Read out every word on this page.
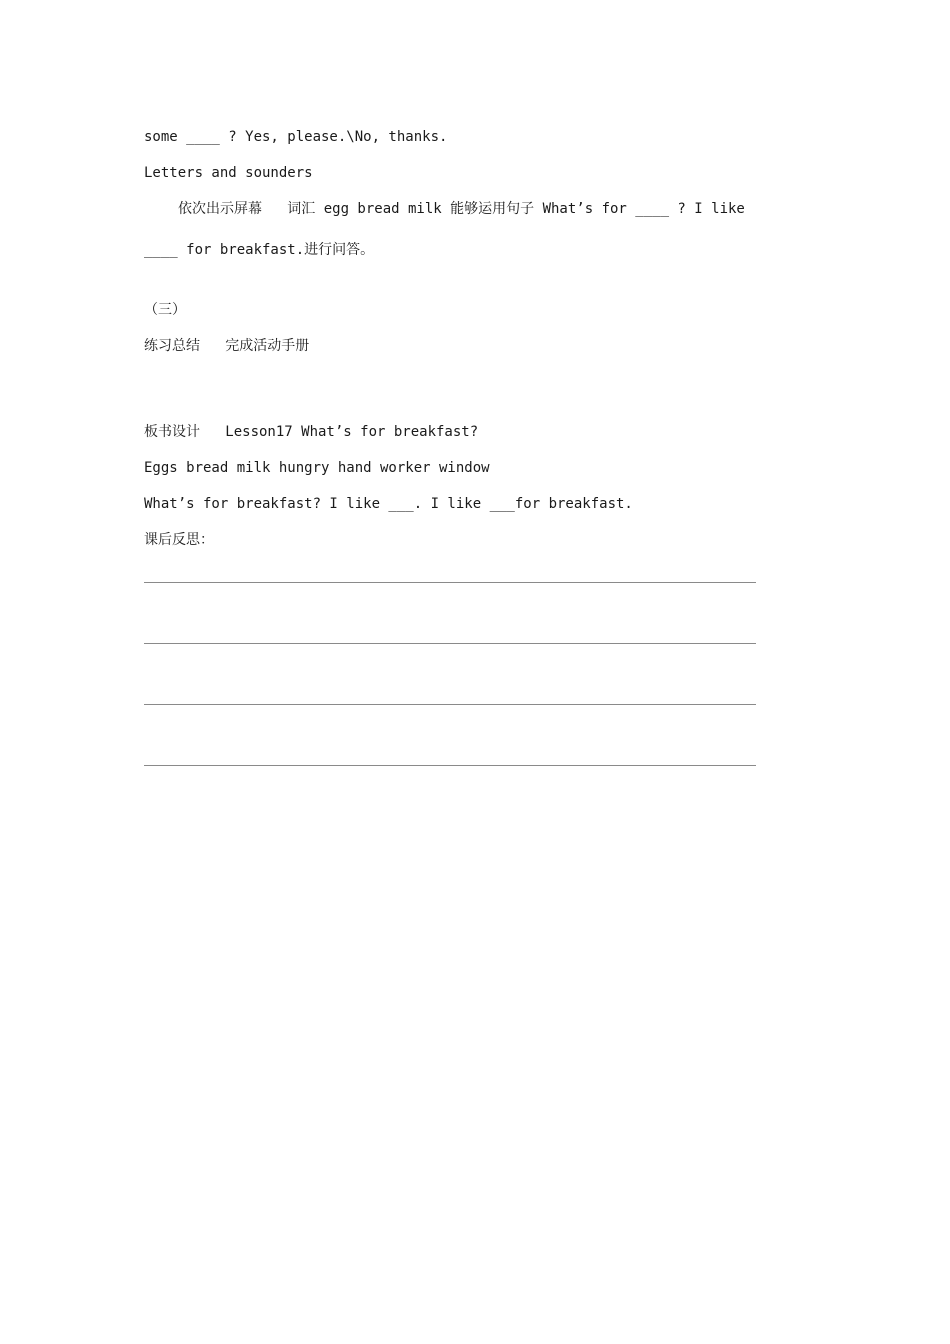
some ____ ? Yes, please.\No, thanks.
Letters and sounders
依次出示屏幕   词汇 egg bread milk 能够运用句子 What’s for ____ ? I like
____ for breakfast.进行问答。
（三）
练习总结   完成活动手册
板书设计   Lesson17 What’s for breakfast?
Eggs bread milk hungry hand worker window
What’s for breakfast? I like ___. I like ___for breakfast.
课后反思：
